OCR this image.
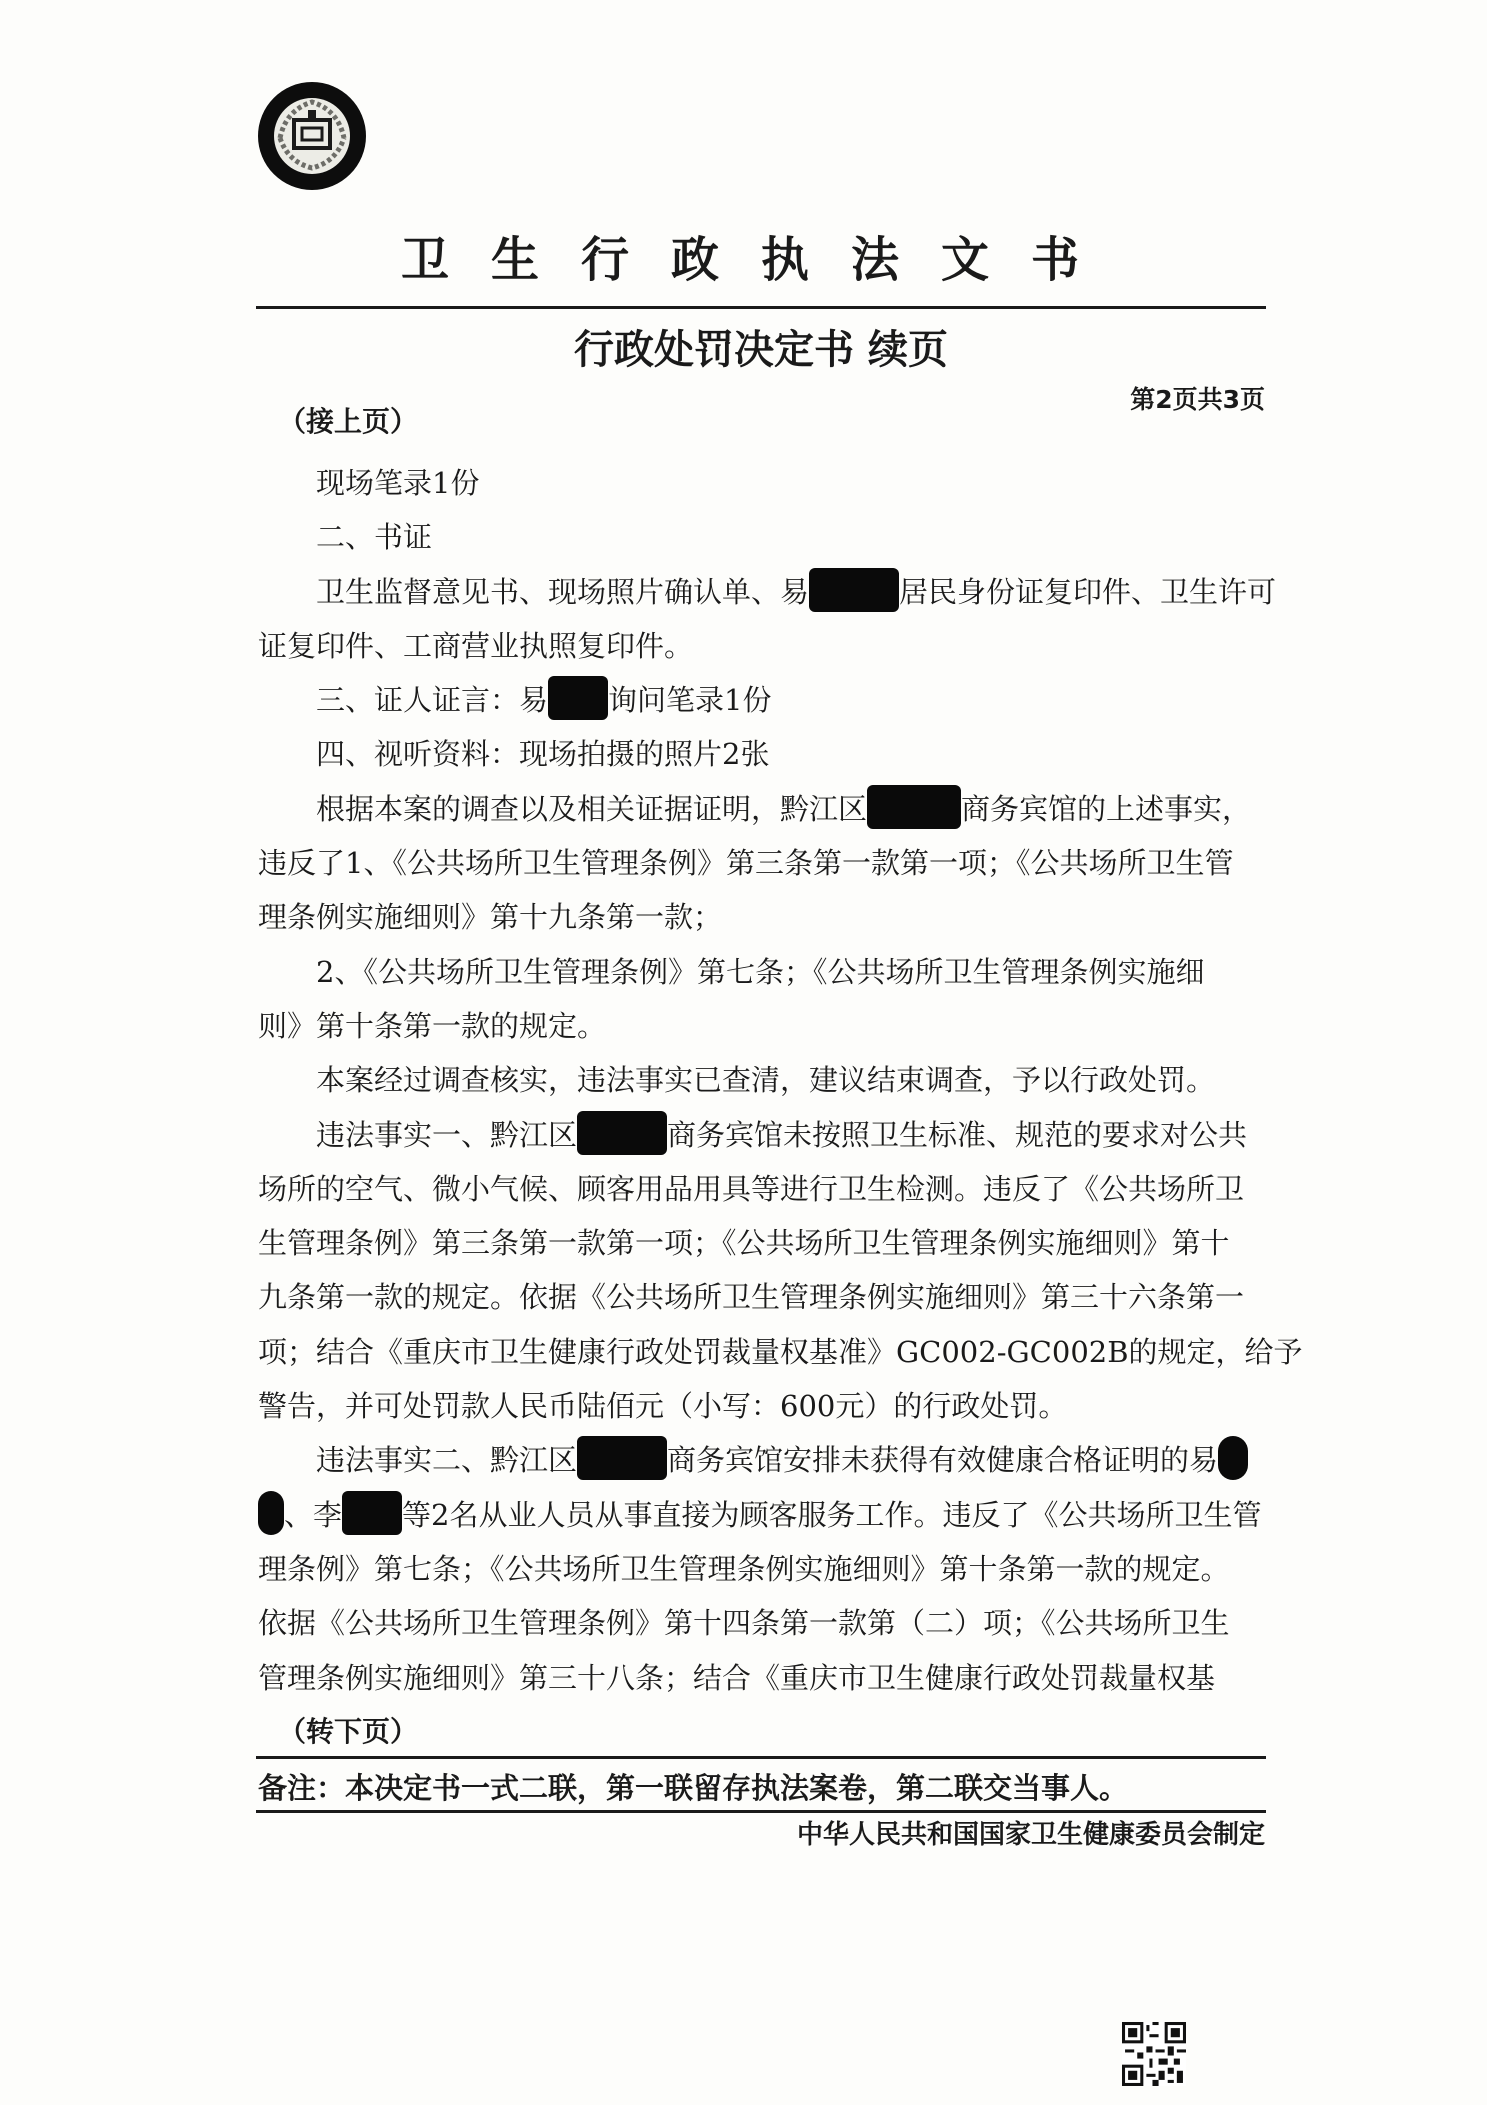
卫生行政执法文书
行政处罚决定书 续页
第2页共3页
（接上页）
现场笔录1份
二、书证
卫生监督意见书、现场照片确认单、易	居民身份证复印件、卫生许可
证复印件、工商营业执照复印件。
三、证人证言：易 询问笔录1份
四、视听资料：现场拍摄的照片2张
根据本案的调查以及相关证据证明，黔江区	商务宾馆的上述事实，
违反了1、《公共场所卫生管理条例》第三条第一款第一项；《公共场所卫生管
理条例实施细则》第十九条第一款；
2、《公共场所卫生管理条例》第七条；《公共场所卫生管理条例实施细
则》第十条第一款的规定。
本案经过调查核实，违法事实已查清，建议结束调查，予以行政处罚。
违法事实一、黔江区	商务宾馆未按照卫生标准、规范的要求对公共
场所的空气、微小气候、顾客用品用具等进行卫生检测。违反了《公共场所卫
生管理条例》第三条第一款第一项；《公共场所卫生管理条例实施细则》第十
九条第一款的规定。依据《公共场所卫生管理条例实施细则》第三十六条第一
项；结合《重庆市卫生健康行政处罚裁量权基准》GC002-GC002B的规定，给予
警告，并可处罚款人民币陆佰元（小写：600元）的行政处罚。
违法事实二、黔江区	商务宾馆安排未获得有效健康合格证明的易
、李 等2名从业人员从事直接为顾客服务工作。违反了《公共场所卫生管
理条例》第七条；《公共场所卫生管理条例实施细则》第十条第一款的规定。
依据《公共场所卫生管理条例》第十四条第一款第（二）项；《公共场所卫生
管理条例实施细则》第三十八条；结合《重庆市卫生健康行政处罚裁量权基
（转下页）
备注：本决定书一式二联，第一联留存执法案卷，第二联交当事人。
中华人民共和国国家卫生健康委员会制定
